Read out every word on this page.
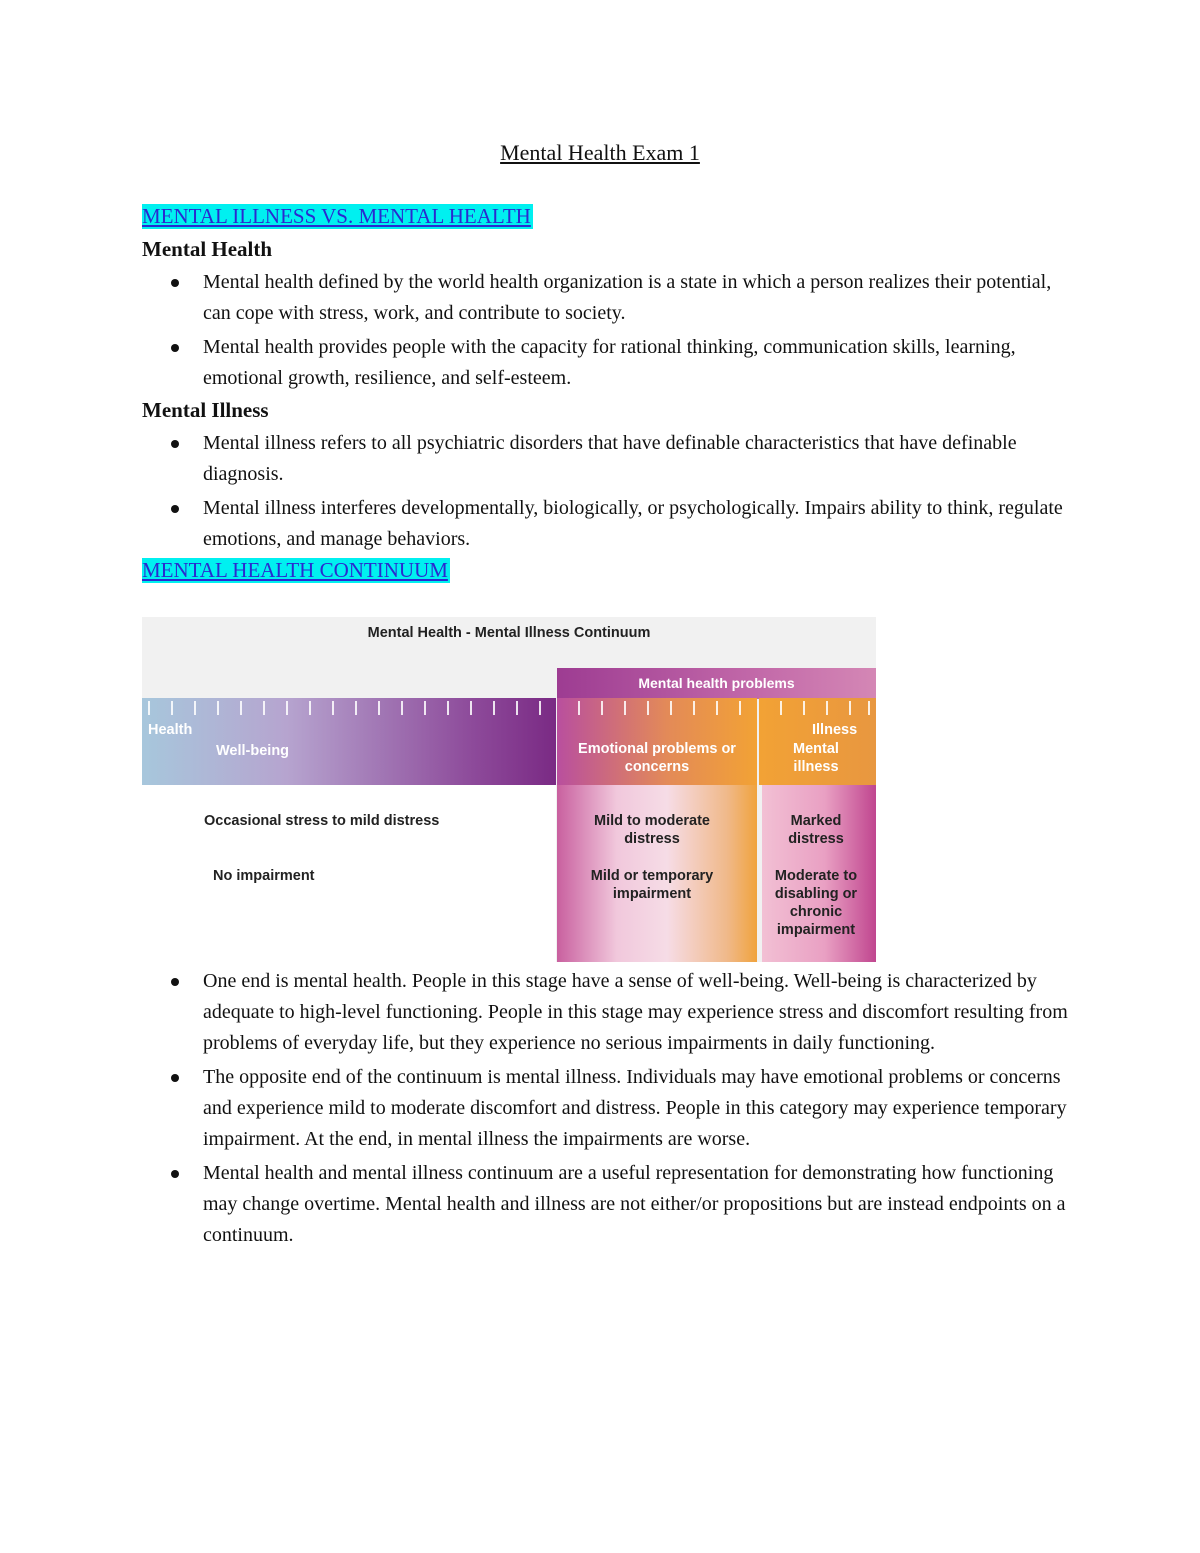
Mental Health Exam 1
MENTAL ILLNESS VS. MENTAL HEALTH
Mental Health
Mental health defined by the world health organization is a state in which a person realizes their potential, can cope with stress, work, and contribute to society.
Mental health provides people with the capacity for rational thinking, communication skills, learning, emotional growth, resilience, and self-esteem.
Mental Illness
Mental illness refers to all psychiatric disorders that have definable characteristics that have definable diagnosis.
Mental illness interferes developmentally, biologically, or psychologically. Impairs ability to think, regulate emotions, and manage behaviors.
MENTAL HEALTH CONTINUUM
Mental Health - Mental Illness Continuum
Mental health problems
Health
Well-being	Emotional problems or concerns
Illness
Mental illness
Occasional stress to mild distress
No impairment
Mild to moderate distress
Mild or temporary impairment
Marked distress
Moderate to disabling or chronic impairment
One end is mental health. People in this stage have a sense of well-being. Well-being is characterized by adequate to high-level functioning. People in this stage may experience stress and discomfort resulting from problems of everyday life, but they experience no serious impairments in daily functioning.
The opposite end of the continuum is mental illness. Individuals may have emotional problems or concerns and experience mild to moderate discomfort and distress. People in this category may experience temporary impairment. At the end, in mental illness the impairments are worse.
Mental health and mental illness continuum are a useful representation for demonstrating how functioning may change overtime. Mental health and illness are not either/or propositions but are instead endpoints on a continuum.
